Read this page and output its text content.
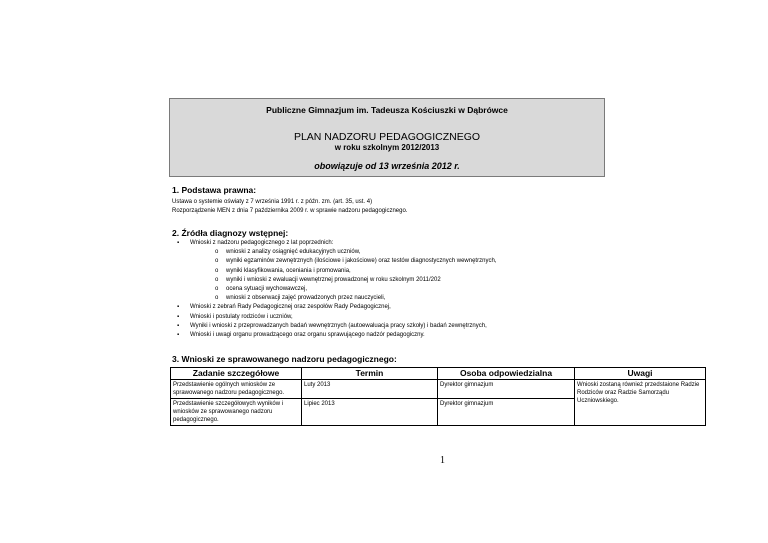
Publiczne Gimnazjum im. Tadeusza Kościuszki w Dąbrówce
PLAN NADZORU PEDAGOGICZNEGO
w roku szkolnym 2012/2013
obowiązuje od 13 września 2012 r.
1. Podstawa prawna:
Ustawa o systemie oświaty z 7 września 1991 r. z późn. zm. (art. 35, ust. 4)
Rozporządzenie MEN z dnia 7 października 2009 r. w sprawie nadzoru pedagogicznego.
2. Źródła diagnozy wstępnej:
▪ Wnioski z nadzoru pedagogicznego z lat poprzednich:
o wnioski z analizy osiągnięć edukacyjnych uczniów,
o wyniki egzaminów zewnętrznych (ilościowe i jakościowe) oraz testów diagnostycznych wewnętrznych,
o wyniki klasyfikowania, oceniania i promowania,
o wyniki i wnioski z ewaluacji wewnętrznej prowadzonej w roku szkolnym 2011/202
o ocena sytuacji wychowawczej,
o wnioski z obserwacji zajęć prowadzonych przez nauczycieli,
▪ Wnioski z zebrań Rady Pedagogicznej oraz zespołów Rady Pedagogicznej,
▪ Wnioski i postulaty rodziców i uczniów,
▪ Wyniki i wnioski z przeprowadzanych badań wewnętrznych (autoewaluacja pracy szkoły) i badań zewnętrznych,
▪ Wnioski i uwagi organu prowadzącego oraz organu sprawującego nadzór pedagogiczny.
3. Wnioski ze sprawowanego nadzoru pedagogicznego:
Zadanie szczegółowe	Termin	Osoba odpowiedzialna	Uwagi
Przedstawienie ogólnych wniosków ze sprawowanego nadzoru pedagogicznego.	Luty 2013	Dyrektor gimnazjum	Wnioski zostaną również przedstaione Radzie Rodziców oraz Radzie Samorządu Uczniowskiego.
Przedstawienie szczegółowych wyników i wniosków ze sprawowanego nadzoru pedagogicznego.	Lipiec 2013	Dyrektor gimnazjum	
1
